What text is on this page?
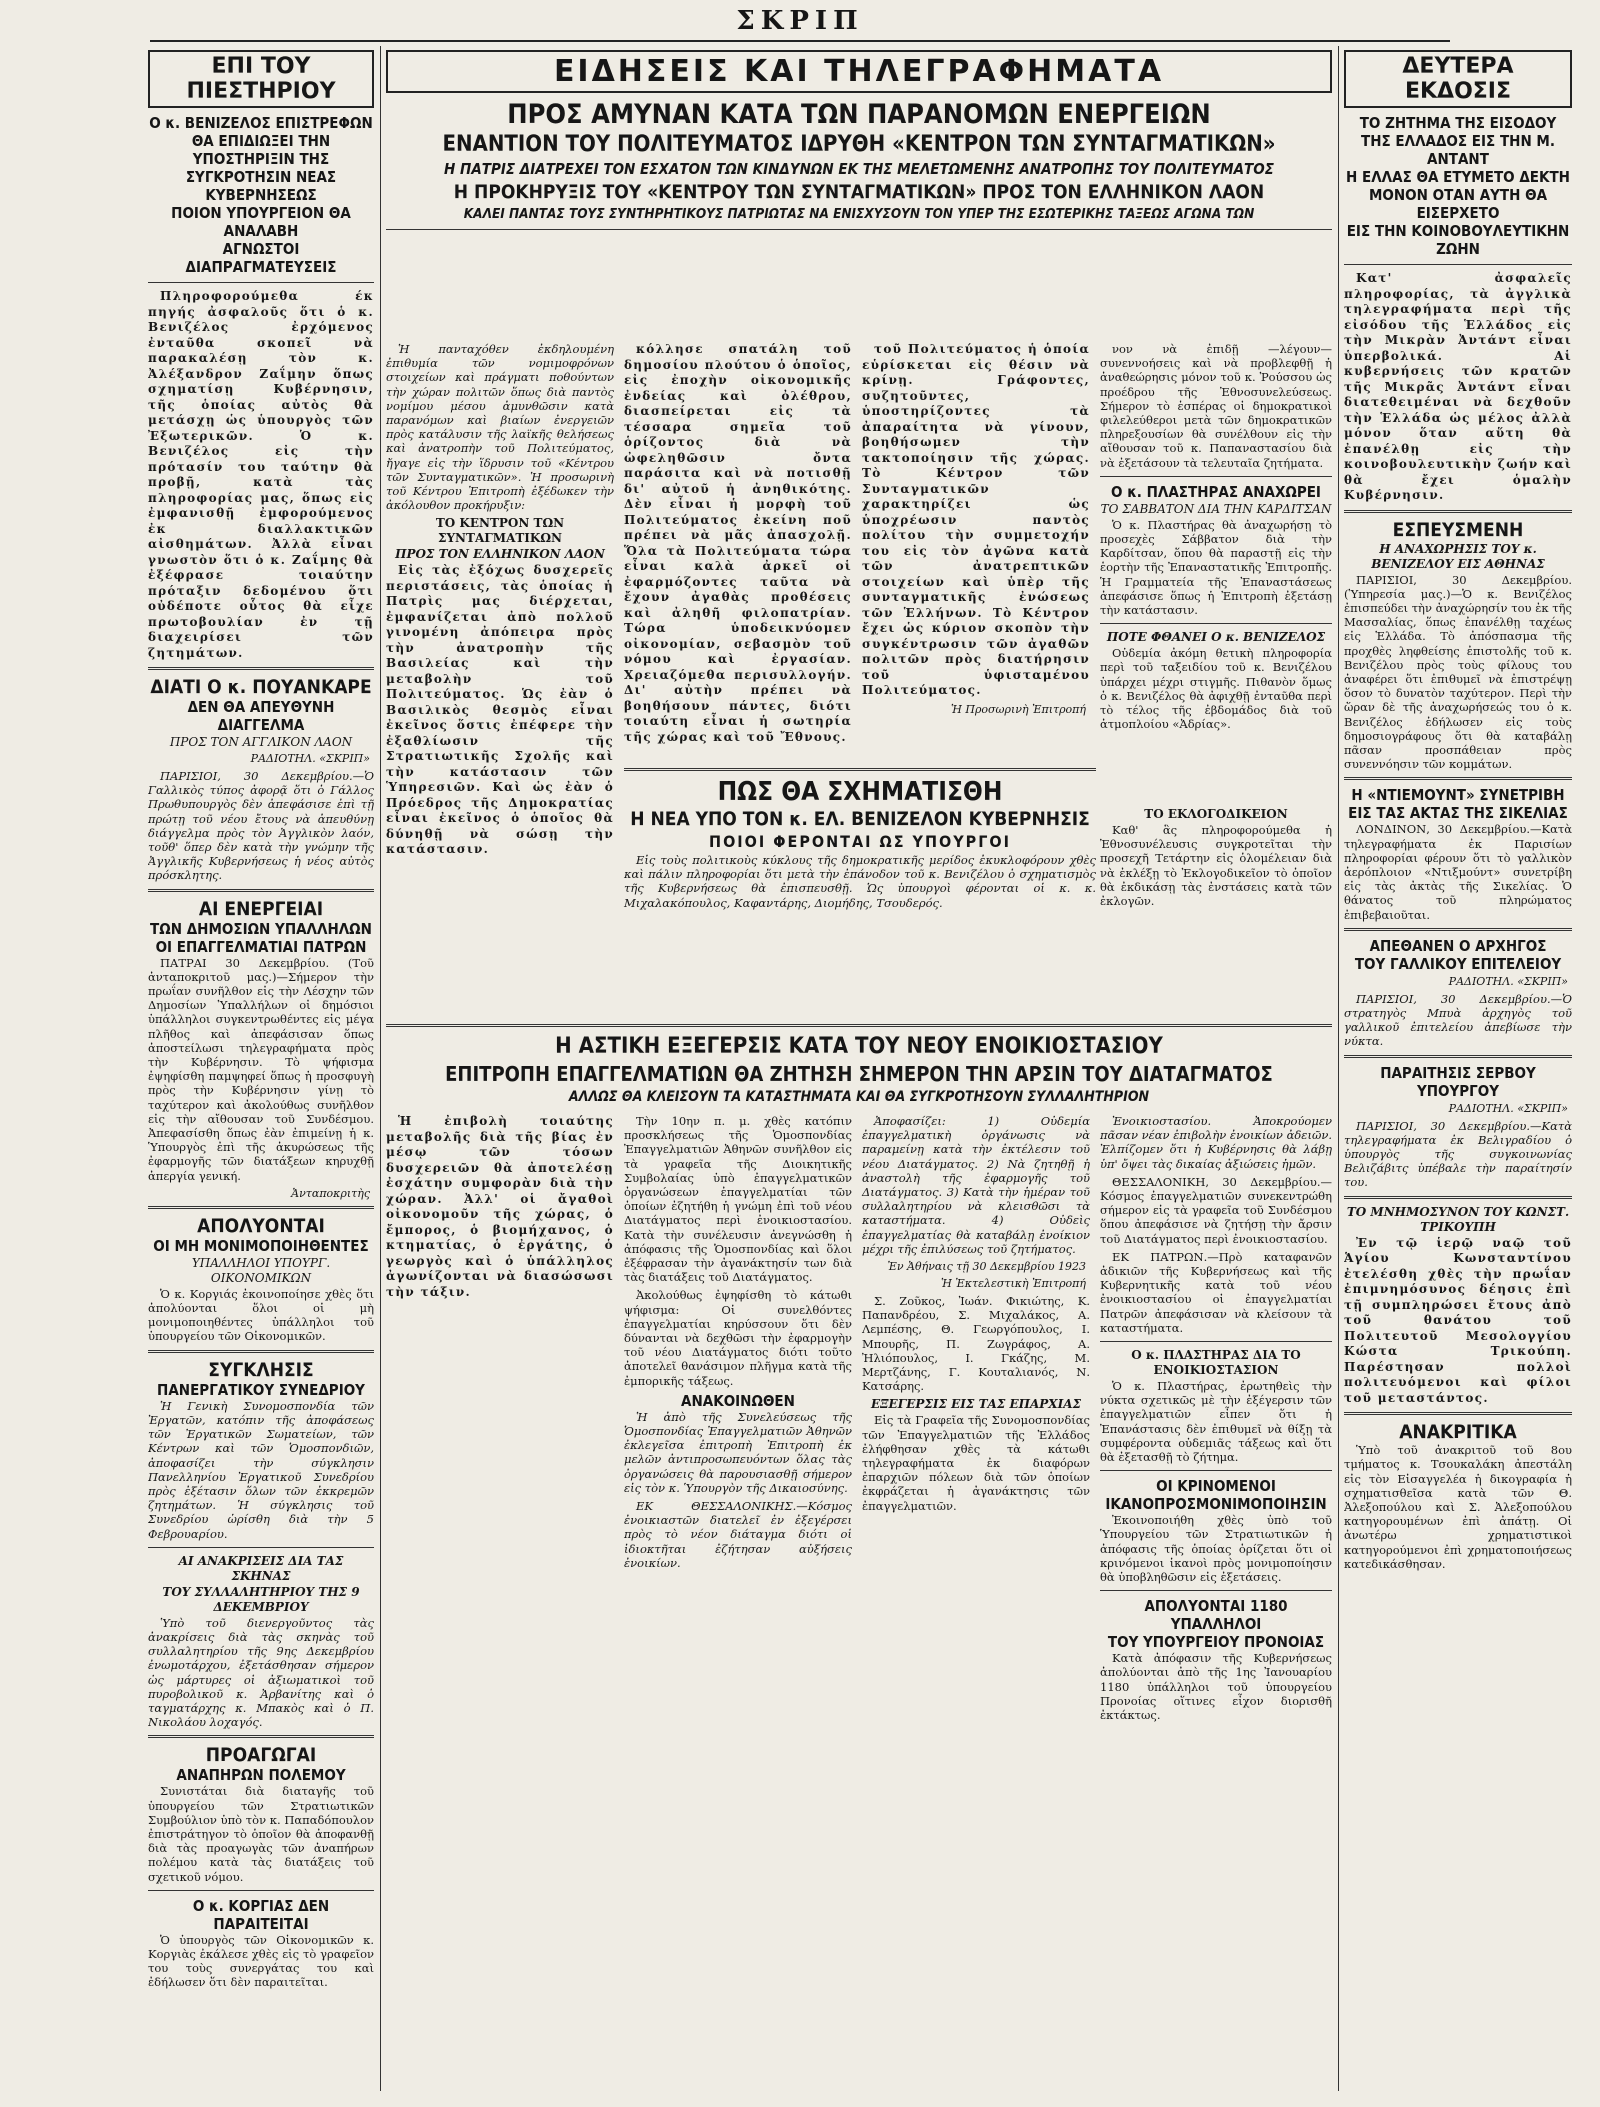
ΣΚΡΙΠ
ΕΠΙ ΤΟΥ ΠΙΕΣΤΗΡΙΟΥ

Ο κ. ΒΕΝΙΖΕΛΟΣ ΕΠΙΣΤΡΕΦΩΝ

ΘΑ ΕΠΙΔΙΩΞΕΙ ΤΗΝ ΥΠΟΣΤΗΡΙΞΙΝ ΤΗΣ

ΣΥΓΚΡΟΤΗΣΙΝ ΝΕΑΣ ΚΥΒΕΡΝΗΣΕΩΣ

ΠΟΙΟΝ ΥΠΟΥΡΓΕΙΟΝ ΘΑ ΑΝΑΛΑΒΗ

ΑΓΝΩΣΤΟΙ ΔΙΑΠΡΑΓΜΑΤΕΥΣΕΙΣ

Πληροφορούμεθα έκ πηγής ἀσφαλοῦς ὅτι ὁ κ. Βενιζέλος ἐρχόμενος ἐνταῦθα σκοπεῖ νὰ παρακαλέσῃ τὸν κ. Ἀλέξανδρον Ζαΐμην ὅπως σχηματίσῃ Κυβέρνησιν, τῆς ὁποίας αὐτὸς θὰ μετάσχῃ ὡς ὑπουργὸς τῶν Ἐξωτερικῶν. Ὁ κ. Βενιζέλος εἰς τὴν πρότασίν του ταύτην θὰ προβῇ, κατὰ τὰς πληροφορίας μας, ὅπως εἰς ἐμφανισθῇ ἐμφορούμενος ἐκ διαλλακτικῶν αἰσθημάτων. Ἀλλὰ εἶναι γνωστὸν ὅτι ὁ κ. Ζαΐμης θὰ ἐξέφρασε τοιαύτην πρόταξιν δεδομένου ὅτι οὐδέποτε οὗτος θὰ εἶχε πρωτοβουλίαν ἐν τῇ διαχειρίσει τῶν ζητημάτων.

ΔΙΑΤΙ Ο κ. ΠΟΥΑΝΚΑΡΕ

ΔΕΝ ΘΑ ΑΠΕΥΘΥΝΗ ΔΙΑΓΓΕΛΜΑ

ΠΡΟΣ ΤΟΝ ΑΓΓΛΙΚΟΝ ΛΑΟΝ

ΡΑΔΙΟΤΗΛ. «ΣΚΡΙΠ»

ΠΑΡΙΣΙΟΙ, 30 Δεκεμβρίου.—Ὁ Γαλλικὸς τύπος ἀφορᾷ ὅτι ὁ Γάλλος Πρωθυπουργὸς δὲν ἀπεφάσισε ἐπὶ τῇ πρώτῃ τοῦ νέου ἔτους νὰ ἀπευθύνῃ διάγγελμα πρὸς τὸν Ἀγγλικὸν λαόν, τοῦθ' ὅπερ δὲν κατὰ τὴν γνώμην τῆς Ἀγγλικῆς Κυβερνήσεως ἡ νέος αὐτὸς πρόσκλητης.

ΑΙ ΕΝΕΡΓΕΙΑΙ

ΤΩΝ ΔΗΜΟΣΙΩΝ ΥΠΑΛΛΗΛΩΝ

ΟΙ ΕΠΑΓΓΕΛΜΑΤΙΑΙ ΠΑΤΡΩΝ

ΠΑΤΡΑΙ 30 Δεκεμβρίου. (Τοῦ ἀνταποκριτοῦ μας.)—Σήμερον τὴν πρωΐαν συνῆλθον εἰς τὴν Λέσχην τῶν Δημοσίων Ὑπαλλήλων οἱ δημόσιοι ὑπάλληλοι συγκεντρωθέντες εἰς μέγα πλῆθος καὶ ἀπεφάσισαν ὅπως ἀποστείλωσι τηλεγραφήματα πρὸς τὴν Κυβέρνησιν. Τὸ ψήφισμα ἐψηφίσθη παμψηφεί ὅπως ἡ προσφυγὴ πρὸς τὴν Κυβέρνησιν γίνῃ τὸ ταχύτερον καὶ ἀκολούθως συνῆλθον εἰς τὴν αἴθουσαν τοῦ Συνδέσμου. Ἀπεφασίσθη ὅπως ἐὰν ἐπιμείνῃ ἡ κ. Ὑπουργὸς ἐπὶ τῆς ἀκυρώσεως τῆς ἐφαρμογῆς τῶν διατάξεων κηρυχθῇ ἀπεργία γενική.

Ἀνταποκριτὴς

ΑΠΟΛΥΟΝΤΑΙ

ΟΙ ΜΗ ΜΟΝΙΜΟΠΟΙΗΘΕΝΤΕΣ

ΥΠΑΛΛΗΛΟΙ ΥΠΟΥΡΓ. ΟΙΚΟΝΟΜΙΚΩΝ

Ὁ κ. Κοργιάς ἐκοινοποίησε χθὲς ὅτι ἀπολύονται ὅλοι οἱ μὴ μονιμοποιηθέντες ὑπάλληλοι τοῦ ὑπουργείου τῶν Οἰκονομικῶν.

ΣΥΓΚΛΗΣΙΣ

ΠΑΝΕΡΓΑΤΙΚΟΥ ΣΥΝΕΔΡΙΟΥ

Ἡ Γενικὴ Συνομοσπονδία τῶν Ἐργατῶν, κατόπιν τῆς ἀποφάσεως τῶν Ἐργατικῶν Σωματείων, τῶν Κέντρων καὶ τῶν Ὁμοσπονδιῶν, ἀποφασίζει τὴν σύγκλησιν Πανελληνίου Ἐργατικοῦ Συνεδρίου πρὸς ἐξέτασιν ὅλων τῶν ἐκκρεμῶν ζητημάτων. Ἡ σύγκλησις τοῦ Συνεδρίου ὡρίσθη διὰ τὴν 5 Φεβρουαρίου.

ΑΙ ΑΝΑΚΡΙΣΕΙΣ ΔΙΑ ΤΑΣ ΣΚΗΝΑΣ

ΤΟΥ ΣΥΛΛΑΛΗΤΗΡΙΟΥ ΤΗΣ 9 ΔΕΚΕΜΒΡΙΟΥ

Ὑπὸ τοῦ διενεργοῦντος τὰς ἀνακρίσεις διὰ τὰς σκηνὰς τοῦ συλλαλητηρίου τῆς 9ης Δεκεμβρίου ἐνωμοτάρχου, ἐξετάσθησαν σήμερον ὡς μάρτυρες οἱ ἀξιωματικοὶ τοῦ πυροβολικοῦ κ. Ἀρβανίτης καὶ ὁ ταγματάρχης κ. Μπακὸς καὶ ὁ Π. Νικολάου λοχαγός.

ΠΡΟΑΓΩΓΑΙ

ΑΝΑΠΗΡΩΝ ΠΟΛΕΜΟΥ

Συνιστάται διὰ διαταγῆς τοῦ ὑπουργείου τῶν Στρατιωτικῶν Συμβούλιον ὑπὸ τὸν κ. Παπαδόπουλον ἐπιστράτηγον τὸ ὁποῖον θὰ ἀποφανθῇ διὰ τὰς προαγωγὰς τῶν ἀναπήρων πολέμου κατὰ τὰς διατάξεις τοῦ σχετικοῦ νόμου.

Ο κ. ΚΟΡΓΙΑΣ ΔΕΝ ΠΑΡΑΙΤΕΙΤΑΙ

Ὁ ὑπουργὸς τῶν Οἰκονομικῶν κ. Κοργιὰς ἐκάλεσε χθὲς εἰς τὸ γραφεῖον του τοὺς συνεργάτας του καὶ ἐδήλωσεν ὅτι δὲν παραιτεῖται.

ΕΙΔΗΣΕΙΣ ΚΑΙ ΤΗΛΕΓΡΑΦΗΜΑΤΑ

ΠΡΟΣ ΑΜΥΝΑΝ ΚΑΤΑ ΤΩΝ ΠΑΡΑΝΟΜΩΝ ΕΝΕΡΓΕΙΩΝ

ΕΝΑΝΤΙΟΝ ΤΟΥ ΠΟΛΙΤΕΥΜΑΤΟΣ ΙΔΡΥΘΗ «ΚΕΝΤΡΟΝ ΤΩΝ ΣΥΝΤΑΓΜΑΤΙΚΩΝ»

Η ΠΑΤΡΙΣ ΔΙΑΤΡΕΧΕΙ ΤΟΝ ΕΣΧΑΤΟΝ ΤΩΝ ΚΙΝΔΥΝΩΝ ΕΚ ΤΗΣ ΜΕΛΕΤΩΜΕΝΗΣ ΑΝΑΤΡΟΠΗΣ ΤΟΥ ΠΟΛΙΤΕΥΜΑΤΟΣ

Η ΠΡΟΚΗΡΥΞΙΣ ΤΟΥ «ΚΕΝΤΡΟΥ ΤΩΝ ΣΥΝΤΑΓΜΑΤΙΚΩΝ» ΠΡΟΣ ΤΟΝ ΕΛΛΗΝΙΚΟΝ ΛΑΟΝ

ΚΑΛΕΙ ΠΑΝΤΑΣ ΤΟΥΣ ΣΥΝΤΗΡΗΤΙΚΟΥΣ ΠΑΤΡΙΩΤΑΣ ΝΑ ΕΝΙΣΧΥΣΟΥΝ ΤΟΝ ΥΠΕΡ ΤΗΣ ΕΣΩΤΕΡΙΚΗΣ ΤΑΞΕΩΣ ΑΓΩΝΑ ΤΩΝ

Ἡ πανταχόθεν ἐκδηλουμένη ἐπιθυμία τῶν νομιμοφρόνων στοιχείων καὶ πράγματι ποθούντων τὴν χώραν πολιτῶν ὅπως διὰ παντὸς νομίμου μέσου ἀμυνθῶσιν κατὰ παρανόμων καὶ βιαίων ἐνεργειῶν πρὸς κατάλυσιν τῆς λαϊκῆς θελήσεως καὶ ἀνατροπὴν τοῦ Πολιτεύματος, ἤγαγε εἰς τὴν ἵδρυσιν τοῦ «Κέντρου τῶν Συνταγματικῶν». Ἡ προσωρινὴ τοῦ Κέντρου Ἐπιτροπὴ ἐξέδωκεν τὴν ἀκόλουθον προκήρυξιν:

ΤΟ ΚΕΝΤΡΟΝ ΤΩΝ ΣΥΝΤΑΓΜΑΤΙΚΩΝ

ΠΡΟΣ ΤΟΝ ΕΛΛΗΝΙΚΟΝ ΛΑΟΝ

Εἰς τὰς ἐξόχως δυσχερεῖς περιστάσεις, τὰς ὁποίας ἡ Πατρὶς μας διέρχεται, ἐμφανίζεται ἀπὸ πολλοῦ γινομένη ἀπόπειρα πρὸς τὴν ἀνατροπὴν τῆς Βασιλείας καὶ τὴν μεταβολὴν τοῦ Πολιτεύματος. Ὡς ἐὰν ὁ Βασιλικὸς θεσμὸς εἶναι ἐκεῖνος ὅστις ἐπέφερε τὴν ἐξαθλίωσιν τῆς Στρατιωτικῆς Σχολῆς καὶ τὴν κατάστασιν τῶν Ὑπηρεσιῶν. Καὶ ὡς ἐὰν ὁ Πρόεδρος τῆς Δημοκρατίας εἶναι ἐκεῖνος ὁ ὁποῖος θὰ δύνηθῇ νὰ σώσῃ τὴν κατάστασιν.

κόλλησε σπατάλη τοῦ δημοσίου πλούτου ὁ ὁποῖος, εἰς ἐποχὴν οἰκονομικῆς ἐνδείας καὶ ὀλέθρου, διασπείρεται εἰς τὰ τέσσαρα σημεῖα τοῦ ὁρίζοντος διὰ νὰ ὠφεληθῶσιν ὄντα παράσιτα καὶ νὰ ποτισθῇ δι' αὐτοῦ ἡ ἀνηθικότης. Δὲν εἶναι ἡ μορφὴ τοῦ Πολιτεύματος ἐκείνη ποῦ πρέπει νὰ μᾶς ἀπασχολῇ. Ὅλα τὰ Πολιτεύματα τώρα εἶναι καλὰ ἀρκεῖ οἱ ἐφαρμόζοντες ταῦτα νὰ ἔχουν ἀγαθὰς προθέσεις καὶ ἀληθῆ φιλοπατρίαν. Τώρα ὑποδεικνύομεν οἰκονομίαν, σεβασμὸν τοῦ νόμου καὶ ἐργασίαν. Χρειαζόμεθα περισυλλογήν. Δι' αὐτὴν πρέπει νὰ βοηθήσουν πάντες, διότι τοιαύτη εἶναι ἡ σωτηρία τῆς χώρας καὶ τοῦ Ἔθνους.

τοῦ Πολιτεύματος ἡ ὁποία εὑρίσκεται εἰς θέσιν νὰ κρίνῃ. Γράφοντες, συζητοῦντες, ὑποστηρίζοντες τὰ ἀπαραίτητα νὰ γίνουν, βοηθήσωμεν τὴν τακτοποίησιν τῆς χώρας. Τὸ Κέντρον τῶν Συνταγματικῶν χαρακτηρίζει ὡς ὑποχρέωσιν παντὸς πολίτου τὴν συμμετοχήν του εἰς τὸν ἀγῶνα κατὰ τῶν ἀνατρεπτικῶν στοιχείων καὶ ὑπὲρ τῆς συνταγματικῆς ἐνώσεως τῶν Ἑλλήνων. Τὸ Κέντρον ἔχει ὡς κύριον σκοπὸν τὴν συγκέντρωσιν τῶν ἀγαθῶν πολιτῶν πρὸς διατήρησιν τοῦ ὑφισταμένου Πολιτεύματος.

Ἡ Προσωρινὴ Ἐπιτροπή

νον νὰ ἐπιδῇ —λέγουν—συνεννοήσεις καὶ νὰ προβλεφθῇ ἡ ἀναθεώρησις μόνον τοῦ κ. Ῥούσσου ὡς προέδρου τῆς Ἐθνοσυνελεύσεως. Σήμερον τὸ ἑσπέρας οἱ δημοκρατικοὶ φιλελεύθεροι μετὰ τῶν δημοκρατικῶν πληρεξουσίων θὰ συνέλθουν εἰς τὴν αἴθουσαν τοῦ κ. Παπαναστασίου διὰ νὰ ἐξετάσουν τὰ τελευταῖα ζητήματα.

Ο κ. ΠΛΑΣΤΗΡΑΣ ΑΝΑΧΩΡΕΙ

ΤΟ ΣΑΒΒΑΤΟΝ ΔΙΑ ΤΗΝ ΚΑΡΔΙΤΣΑΝ

Ὁ κ. Πλαστήρας θὰ ἀναχωρήσῃ τὸ προσεχὲς Σάββατον διὰ τὴν Καρδίτσαν, ὅπου θὰ παραστῇ εἰς τὴν ἑορτὴν τῆς Ἐπαναστατικῆς Ἐπιτροπῆς. Ἡ Γραμματεία τῆς Ἐπαναστάσεως ἀπεφάσισε ὅπως ἡ Ἐπιτροπὴ ἐξετάσῃ τὴν κατάστασιν.

ΠΟΤΕ ΦΘΑΝΕΙ Ο κ. ΒΕΝΙΖΕΛΟΣ

Οὐδεμία ἀκόμη θετικὴ πληροφορία περὶ τοῦ ταξειδίου τοῦ κ. Βενιζέλου ὑπάρχει μέχρι στιγμῆς. Πιθανὸν ὅμως ὁ κ. Βενιζέλος θὰ ἀφιχθῇ ἐνταῦθα περὶ τὸ τέλος τῆς ἐβδομάδος διὰ τοῦ ἀτμοπλοίου «Ἀδρίας».

ΠΩΣ ΘΑ ΣΧΗΜΑΤΙΣΘΗ

Η ΝΕΑ ΥΠΟ ΤΟΝ κ. ΕΛ. ΒΕΝΙΖΕΛΟΝ ΚΥΒΕΡΝΗΣΙΣ

ΠΟΙΟΙ ΦΕΡΟΝΤΑΙ ΩΣ ΥΠΟΥΡΓΟΙ

Εἰς τοὺς πολιτικοὺς κύκλους τῆς δημοκρατικῆς μερίδος ἐκυκλοφόρουν χθὲς καὶ πάλιν πληροφορίαι ὅτι μετὰ τὴν ἐπάνοδον τοῦ κ. Βενιζέλου ὁ σχηματισμὸς τῆς Κυβερνήσεως θὰ ἐπισπευσθῇ. Ὡς ὑπουργοὶ φέρονται οἱ κ. κ. Μιχαλακόπουλος, Καφαντάρης, Διομήδης, Τσουδερός.

ΤΟ ΕΚΛΟΓΟΔΙΚΕΙΟΝ

Καθ' ἃς πληροφορούμεθα ἡ Ἐθνοσυνέλευσις συγκροτεῖται τὴν προσεχῆ Τετάρτην εἰς ὁλομέλειαν διὰ νὰ ἐκλέξῃ τὸ Ἐκλογοδικεῖον τὸ ὁποῖον θὰ ἐκδικάσῃ τὰς ἐνστάσεις κατὰ τῶν ἐκλογῶν.

Η ΑΣΤΙΚΗ ΕΞΕΓΕΡΣΙΣ ΚΑΤΑ ΤΟΥ ΝΕΟΥ ΕΝΟΙΚΙΟΣΤΑΣΙΟΥ

ΕΠΙΤΡΟΠΗ ΕΠΑΓΓΕΛΜΑΤΙΩΝ ΘΑ ΖΗΤΗΣΗ ΣΗΜΕΡΟΝ ΤΗΝ ΑΡΣΙΝ ΤΟΥ ΔΙΑΤΑΓΜΑΤΟΣ

ΑΛΛΩΣ ΘΑ ΚΛΕΙΣΟΥΝ ΤΑ ΚΑΤΑΣΤΗΜΑΤΑ ΚΑΙ ΘΑ ΣΥΓΚΡΟΤΗΣΟΥΝ ΣΥΛΛΑΛΗΤΗΡΙΟΝ

Ἡ ἐπιβολὴ τοιαύτης μεταβολῆς διὰ τῆς βίας ἐν μέσῳ τῶν τόσων δυσχερειῶν θὰ ἀποτελέσῃ ἐσχάτην συμφορὰν διὰ τὴν χώραν. Ἀλλ' οἱ ἄγαθοὶ οἰκονομοῦν τῆς χώρας, ὁ ἔμπορος, ὁ βιομήχανος, ὁ κτηματίας, ὁ ἐργάτης, ὁ γεωργὸς καὶ ὁ ὑπάλληλος ἀγωνίζονται νὰ διασώσωσι τὴν τάξιν.

Τὴν 10ην π. μ. χθὲς κατόπιν προσκλήσεως τῆς Ὁμοσπονδίας Ἐπαγγελματιῶν Ἀθηνῶν συνῆλθον εἰς τὰ γραφεῖα τῆς Διοικητικῆς Συμβολαίας ὑπὸ ἐπαγγελματικῶν ὀργανώσεων ἐπαγγελματίαι τῶν ὁποίων ἐζητήθη ἡ γνώμη ἐπὶ τοῦ νέου Διατάγματος περὶ ἐνοικιοστασίου. Κατὰ τὴν συνέλευσιν ἀνεγνώσθη ἡ ἀπόφασις τῆς Ὁμοσπονδίας καὶ ὅλοι ἐξέφρασαν τὴν ἀγανάκτησίν των διὰ τὰς διατάξεις τοῦ Διατάγματος.

Ἀκολούθως ἐψηφίσθη τὸ κάτωθι ψήφισμα: Οἱ συνελθόντες ἐπαγγελματίαι κηρύσσουν ὅτι δὲν δύνανται νὰ δεχθῶσι τὴν ἐφαρμογὴν τοῦ νέου Διατάγματος διότι τοῦτο ἀποτελεῖ θανάσιμον πλῆγμα κατὰ τῆς ἐμπορικῆς τάξεως.

ΑΝΑΚΟΙΝΩΘΕΝ

Ἡ ἀπὸ τῆς Συνελεύσεως τῆς Ὁμοσπονδίας Ἐπαγγελματιῶν Ἀθηνῶν ἐκλεγεῖσα ἐπιτροπὴ Ἐπιτροπὴ ἐκ μελῶν ἀντιπροσωπευόντων ὅλας τὰς ὀργανώσεις θὰ παρουσιασθῇ σήμερον εἰς τὸν κ. Ὑπουργὸν τῆς Δικαιοσύνης.

ΕΚ ΘΕΣΣΑΛΟΝΙΚΗΣ.—Κόσμος ἐνοικιαστῶν διατελεῖ ἐν ἐξεγέρσει πρὸς τὸ νέον διάταγμα διότι οἱ ἰδιοκτῆται ἐζήτησαν αὐξήσεις ἐνοικίων.

Ἀποφασίζει: 1) Οὐδεμία ἐπαγγελματικὴ ὀργάνωσις νὰ παραμείνῃ κατὰ τὴν ἐκτέλεσιν τοῦ νέου Διατάγματος. 2) Νὰ ζητηθῇ ἡ ἀναστολὴ τῆς ἐφαρμογῆς τοῦ Διατάγματος. 3) Κατὰ τὴν ἡμέραν τοῦ συλλαλητηρίου νὰ κλεισθῶσι τὰ καταστήματα. 4) Οὐδεὶς ἐπαγγελματίας θὰ καταβάλῃ ἐνοίκιον μέχρι τῆς ἐπιλύσεως τοῦ ζητήματος.

Ἐν Ἀθήναις τῇ 30 Δεκεμβρίου 1923

Ἡ Ἐκτελεστικὴ Ἐπιτροπή

Σ. Ζοῦκος, Ἰωάν. Φικιώτης, Κ. Παπανδρέου, Σ. Μιχαλάκος, Α. Λεμπέσης, Θ. Γεωργόπουλος, Ι. Μπουρῆς, Π. Ζωγράφος, Α. Ἠλιόπουλος, Ι. Γκάζης, Μ. Μερτζάνης, Γ. Κουταλιανός, Ν. Κατσάρης.

ΕΞΕΓΕΡΣΙΣ ΕΙΣ ΤΑΣ ΕΠΑΡΧΙΑΣ

Εἰς τὰ Γραφεῖα τῆς Συνομοσπονδίας τῶν Ἐπαγγελματιῶν τῆς Ἑλλάδος ἐλήφθησαν χθὲς τὰ κάτωθι τηλεγραφήματα ἐκ διαφόρων ἐπαρχιῶν πόλεων διὰ τῶν ὁποίων ἐκφράζεται ἡ ἀγανάκτησις τῶν ἐπαγγελματιῶν.

Ἐνοικιοστασίου. Ἀποκρούομεν πᾶσαν νέαν ἐπιβολὴν ἐνοικίων ἀδειῶν. Ἐλπίζομεν ὅτι ἡ Κυβέρνησις θὰ λάβῃ ὑπ' ὄψει τὰς δικαίας ἀξιώσεις ἡμῶν.

ΘΕΣΣΑΛΟΝΙΚΗ, 30 Δεκεμβρίου.—Κόσμος ἐπαγγελματιῶν συνεκεντρώθη σήμερον εἰς τὰ γραφεῖα τοῦ Συνδέσμου ὅπου ἀπεφάσισε νὰ ζητήσῃ τὴν ἄρσιν τοῦ Διατάγματος περὶ ἐνοικιοστασίου.

ΕΚ ΠΑΤΡΩΝ.—Πρὸ καταφανῶν ἀδικιῶν τῆς Κυβερνήσεως καὶ τῆς Κυβερνητικῆς κατὰ τοῦ νέου ἐνοικιοστασίου οἱ ἐπαγγελματίαι Πατρῶν ἀπεφάσισαν νὰ κλείσουν τὰ καταστήματα.

Ο κ. ΠΛΑΣΤΗΡΑΣ ΔΙΑ ΤΟ ΕΝΟΙΚΙΟΣΤΑΣΙΟΝ

Ὁ κ. Πλαστήρας, ἐρωτηθεὶς τὴν νύκτα σχετικῶς μὲ τὴν ἐξέγερσιν τῶν ἐπαγγελματιῶν εἶπεν ὅτι ἡ Ἐπανάστασις δὲν ἐπιθυμεῖ νὰ θίξῃ τὰ συμφέροντα οὐδεμιᾶς τάξεως καὶ ὅτι θὰ ἐξετασθῇ τὸ ζήτημα.

ΟΙ ΚΡΙΝΟΜΕΝΟΙ

ΙΚΑΝΟΠΡΟΣΜΟΝΙΜΟΠΟΙΗΣΙΝ

Ἐκοινοποιήθη χθὲς ὑπὸ τοῦ Ὑπουργείου τῶν Στρατιωτικῶν ἡ ἀπόφασις τῆς ὁποίας ὁρίζεται ὅτι οἱ κρινόμενοι ἱκανοὶ πρὸς μονιμοποίησιν θὰ ὑποβληθῶσιν εἰς ἐξετάσεις.

ΑΠΟΛΥΟΝΤΑΙ 1180 ΥΠΑΛΛΗΛΟΙ

ΤΟΥ ΥΠΟΥΡΓΕΙΟΥ ΠΡΟΝΟΙΑΣ

Κατὰ ἀπόφασιν τῆς Κυβερνήσεως ἀπολύονται ἀπὸ τῆς 1ης Ἰανουαρίου 1180 ὑπάλληλοι τοῦ ὑπουργείου Προνοίας οἵτινες εἶχον διορισθῆ ἐκτάκτως.

ΔΕΥΤΕΡΑ ΕΚΔΟΣΙΣ

ΤΟ ΖΗΤΗΜΑ ΤΗΣ ΕΙΣΟΔΟΥ

ΤΗΣ ΕΛΛΑΔΟΣ ΕΙΣ ΤΗΝ Μ. ΑΝΤΑΝΤ

Η ΕΛΛΑΣ ΘΑ ΕΤΥΜΕΤΟ ΔΕΚΤΗ

ΜΟΝΟΝ ΟΤΑΝ ΑΥΤΗ ΘΑ ΕΙΣΕΡΧΕΤΟ

ΕΙΣ ΤΗΝ ΚΟΙΝΟΒΟΥΛΕΥΤΙΚΗΝ ΖΩΗΝ

Κατ' ἀσφαλεῖς πληροφορίας, τὰ ἀγγλικὰ τηλεγραφήματα περὶ τῆς εἰσόδου τῆς Ἑλλάδος εἰς τὴν Μικρὰν Ἀντάντ εἶναι ὑπερβολικά. Αἱ κυβερνήσεις τῶν κρατῶν τῆς Μικρᾶς Ἀντάντ εἶναι διατεθειμέναι νὰ δεχθοῦν τὴν Ἑλλάδα ὡς μέλος ἀλλὰ μόνον ὅταν αὕτη θὰ ἐπανέλθῃ εἰς τὴν κοινοβουλευτικὴν ζωήν καὶ θὰ ἔχει ὁμαλὴν Κυβέρνησιν.

ΕΣΠΕΥΣΜΕΝΗ

Η ΑΝΑΧΩΡΗΣΙΣ ΤΟΥ κ. ΒΕΝΙΖΕΛΟΥ ΕΙΣ ΑΘΗΝΑΣ

ΠΑΡΙΣΙΟΙ, 30 Δεκεμβρίου. (Ὑπηρεσία μας.)—Ὁ κ. Βενιζέλος ἐπισπεύδει τὴν ἀναχώρησίν του ἐκ τῆς Μασσαλίας, ὅπως ἐπανέλθῃ ταχέως εἰς Ἑλλάδα. Τὸ ἀπόσπασμα τῆς προχθὲς ληφθείσης ἐπιστολῆς τοῦ κ. Βενιζέλου πρὸς τοὺς φίλους του ἀναφέρει ὅτι ἐπιθυμεῖ νὰ ἐπιστρέψῃ ὅσον τὸ δυνατὸν ταχύτερον. Περὶ τὴν ὥραν δὲ τῆς ἀναχωρήσεώς του ὁ κ. Βενιζέλος ἐδήλωσεν εἰς τοὺς δημοσιογράφους ὅτι θὰ καταβάλῃ πᾶσαν προσπάθειαν πρὸς συνεννόησιν τῶν κομμάτων.

Η «ΝΤΙΕΜΟΥΝΤ» ΣΥΝΕΤΡΙΒΗ

ΕΙΣ ΤΑΣ ΑΚΤΑΣ ΤΗΣ ΣΙΚΕΛΙΑΣ

ΛΟΝΔΙΝΟΝ, 30 Δεκεμβρίου.—Κατὰ τηλεγραφήματα ἐκ Παρισίων πληροφορίαι φέρουν ὅτι τὸ γαλλικὸν ἀερόπλοιον «Ντιξμούντ» συνετρίβη εἰς τὰς ἀκτὰς τῆς Σικελίας. Ὁ θάνατος τοῦ πληρώματος ἐπιβεβαιοῦται.

ΑΠΕΘΑΝΕΝ Ο ΑΡΧΗΓΟΣ

ΤΟΥ ΓΑΛΛΙΚΟΥ ΕΠΙΤΕΛΕΙΟΥ

ΡΑΔΙΟΤΗΛ. «ΣΚΡΙΠ»

ΠΑΡΙΣΙΟΙ, 30 Δεκεμβρίου.—Ὁ στρατηγὸς Μπυὰ ἀρχηγὸς τοῦ γαλλικοῦ ἐπιτελείου ἀπεβίωσε τὴν νύκτα.

ΠΑΡΑΙΤΗΣΙΣ ΣΕΡΒΟΥ ΥΠΟΥΡΓΟΥ

ΡΑΔΙΟΤΗΛ. «ΣΚΡΙΠ»

ΠΑΡΙΣΙΟΙ, 30 Δεκεμβρίου.—Κατὰ τηλεγραφήματα ἐκ Βελιγραδίου ὁ ὑπουργὸς τῆς συγκοινωνίας Βελιζάβιτς ὑπέβαλε τὴν παραίτησίν του.

ΤΟ ΜΝΗΜΟΣΥΝΟΝ ΤΟΥ ΚΩΝΣΤ. ΤΡΙΚΟΥΠΗ

Ἐν τῷ ἱερῷ ναῷ τοῦ Ἁγίου Κωνσταντίνου ἐτελέσθη χθὲς τὴν πρωΐαν ἐπιμνημόσυνος δέησις ἐπὶ τῇ συμπληρώσει ἔτους ἀπὸ τοῦ θανάτου τοῦ Πολιτευτοῦ Μεσολογγίου Κώστα Τρικούπη. Παρέστησαν πολλοὶ πολιτευόμενοι καὶ φίλοι τοῦ μεταστάντος.

ΑΝΑΚΡΙΤΙΚΑ

Ὑπὸ τοῦ ἀνακριτοῦ τοῦ 8ου τμήματος κ. Τσουκαλάκη ἀπεστάλη εἰς τὸν Εἰσαγγελέα ἡ δικογραφία ἡ σχηματισθεῖσα κατὰ τῶν Θ. Ἀλεξοπούλου καὶ Σ. Ἀλεξοπούλου κατηγορουμένων ἐπὶ ἀπάτῃ. Οἱ ἀνωτέρω χρηματιστικοὶ κατηγορούμενοι ἐπὶ χρηματοποιήσεως κατεδικάσθησαν.
